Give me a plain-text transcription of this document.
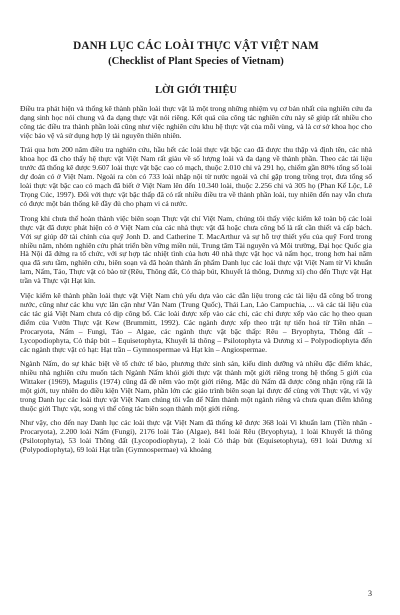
DANH LỤC CÁC LOÀI THỰC VẬT VIỆT NAM
(Checklist of Plant Species of Vietnam)
LỜI GIỚI THIỆU

Điều tra phát hiện và thống kê thành phần loài thực vật là một trong những nhiệm vụ cơ bản nhất của nghiên cứu đa dạng sinh học nói chung và đa dạng thực vật nói riêng. Kết quả của công tác nghiên cứu này sẽ giúp rất nhiều cho công tác điều tra thành phần loài cũng như việc nghiên cứu khu hệ thực vật của mỗi vùng, và là cơ sở khoa học cho việc bảo vệ và sử dụng hợp lý tài nguyên thiên nhiên.

Trải qua hơn 200 năm điều tra nghiên cứu, hầu hết các loài thực vật bậc cao đã được thu thập và định tên, các nhà khoa học đã cho thấy hệ thực vật Việt Nam rất giàu về số lượng loài và đa dạng về thành phần. Theo các tài liệu trước đã thống kê được 9.607 loài thực vật bậc cao có mạch, thuộc 2.010 chi và 291 họ, chiếm gần 80% tổng số loài dự đoán có ở Việt Nam. Ngoài ra còn có 733 loài nhập nội từ nước ngoài và chỉ gặp trong trồng trọt, đưa tổng số loài thực vật bậc cao có mạch đã biết ở Việt Nam lên đến 10.340 loài, thuộc 2.256 chi và 305 họ (Phan Kế Lộc, Lê Trọng Cúc, 1997). Đối với thực vật bậc thấp đã có rất nhiều điều tra về thành phần loài, tuy nhiên đến nay vẫn chưa có được một bản thống kê đầy đủ cho phạm vi cả nước.

Trong khi chưa thể hoàn thành việc biên soạn Thực vật chí Việt Nam, chúng tôi thấy việc kiểm kê toàn bộ các loài thực vật đã được phát hiện có ở Việt Nam của các nhà thực vật đã hoặc chưa công bố là rất cần thiết và cấp bách. Với sự giúp đỡ tài chính của quỹ Jonh D. and Catherine T. MacArthur và sự hỗ trợ thiết yếu của quỹ Ford trong nhiều năm, nhóm nghiên cứu phát triển bền vững miền núi, Trung tâm Tài nguyên và Môi trường, Đại học Quốc gia Hà Nội đã đứng ra tổ chức, với sự hợp tác nhiệt tình của hơn 40 nhà thực vật học và nấm học, trong hơn hai năm qua đã sưu tầm, nghiên cứu, biên soạn và đã hoàn thành ấn phẩm Danh lục các loài thực vật Việt Nam từ Vi khuẩn lam, Nấm, Tảo, Thực vật có bào tử (Rêu, Thông đất, Cỏ tháp bút, Khuyết lá thông, Dương xỉ) cho đến Thực vật Hạt trần và Thực vật Hạt kín.

Việc kiểm kê thành phần loài thực vật Việt Nam chủ yếu dựa vào các dẫn liệu trong các tài liệu đã công bố trong nước, cũng như các khu vực lân cận như Vân Nam (Trung Quốc), Thái Lan, Lào Campuchia, ... và các tài liệu của các tác giả Việt Nam chưa có dịp công bố. Các loài được xếp vào các chi, các chi được xếp vào các họ theo quan điểm của Vườn Thực vật Kew (Brummitt, 1992). Các ngành được xếp theo trật tự tiến hoá từ Tiền nhân – Procaryota, Nấm – Fungi, Tảo – Algae, các ngành thực vật bậc thấp: Rêu – Bryophyta, Thông đất – Lycopodiophyta, Cỏ tháp bút – Equisetophyta, Khuyết lá thông – Psilotophyta và Dương xỉ – Polypodiophyta đến các ngành thực vật có hạt: Hạt trần – Gymnospermae và Hạt kín – Angiospermae.

Ngành Nấm, do sự khác biệt về tổ chức tế bào, phương thức sinh sản, kiểu dinh dưỡng và nhiều đặc điểm khác, nhiều nhà nghiên cứu muốn tách Ngành Nấm khỏi giới thực vật thành một giới riêng trong hệ thống 5 giới của Wittaker (1969), Magulis (1974) cũng đã đề nêm vào một giới riêng. Mặc dù Nấm đã được công nhận rộng rãi là một giới, tuy nhiên do điều kiện Việt Nam, phần lớn các giáo trình biên soạn lại được để cùng với Thực vật, vì vậy trong Danh lục các loài thực vật Việt Nam chúng tôi vẫn để Nấm thành một ngành riêng và chưa quan điểm không thuộc giới Thực vật, song vì thể công tác biên soạn thành một giới riêng.

Như vậy, cho đến nay Danh lục các loài thực vật Việt Nam đã thống kê được 368 loài Vi khuẩn lam (Tiền nhân - Procaryota), 2.200 loài Nấm (Fungi), 2176 loài Tảo (Algae), 841 loài Rêu (Bryophyta), 1 loài Khuyết lá thông (Psilotophyta), 53 loài Thông đất (Lycopodiophyta), 2 loài Cỏ tháp bút (Equisetophyta), 691 loài Dương xỉ (Polypodiophyta), 69 loài Hạt trần (Gymnospermae) và khoảng

3
